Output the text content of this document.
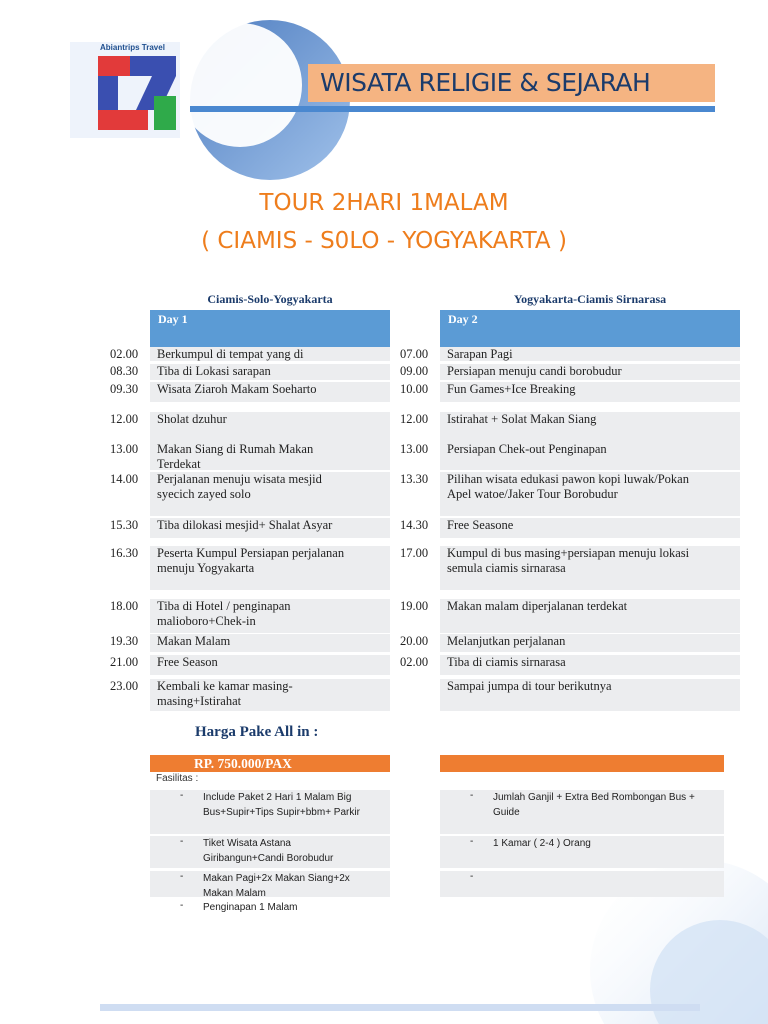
Abiantrips Travel
WISATA RELIGIE & SEJARAH
TOUR 2HARI 1MALAM
( CIAMIS - S0LO - YOGYAKARTA )
Ciamis-Solo-Yogyakarta
Day 1
Yogyakarta-Ciamis Sirnarasa
Day 2
02.00 Berkumpul di tempat yang di
08.30 Tiba di Lokasi sarapan
09.30 Wisata Ziaroh Makam Soeharto
12.00 Sholat dzuhur
13.00 Makan Siang di Rumah Makan Terdekat
14.00 Perjalanan menuju wisata mesjid syecich zayed solo
15.30 Tiba dilokasi mesjid+ Shalat Asyar
16.30 Peserta Kumpul Persiapan perjalanan menuju Yogyakarta
18.00 Tiba di Hotel / penginapan malioboro+Chek-in
19.30 Makan Malam
21.00 Free Season
23.00 Kembali ke kamar masing-masing+Istirahat
07.00 Sarapan Pagi
09.00 Persiapan menuju candi borobudur
10.00 Fun Games+Ice Breaking
12.00 Istirahat + Solat Makan Siang
13.00 Persiapan Chek-out Penginapan
13.30 Pilihan wisata edukasi pawon kopi luwak/Pokan Apel watoe/Jaker Tour Borobudur
14.30 Free Seasone
17.00 Kumpul di bus masing+persiapan menuju lokasi semula ciamis sirnarasa
19.00 Makan malam diperjalanan terdekat
20.00 Melanjutkan perjalanan
02.00 Tiba di ciamis sirnarasa
Sampai jumpa di tour berikutnya
Harga Pake All in :
RP. 750.000/PAX
Fasilitas :
- Include Paket 2 Hari 1 Malam Big Bus+Supir+Tips Supir+bbm+ Parkir
- Tiket Wisata Astana Giribangun+Candi Borobudur
- Makan Pagi+2x Makan Siang+2x Makan Malam
- Penginapan 1 Malam
- Jumlah Ganjil + Extra Bed Rombongan Bus + Guide
- 1 Kamar ( 2-4 ) Orang
-
